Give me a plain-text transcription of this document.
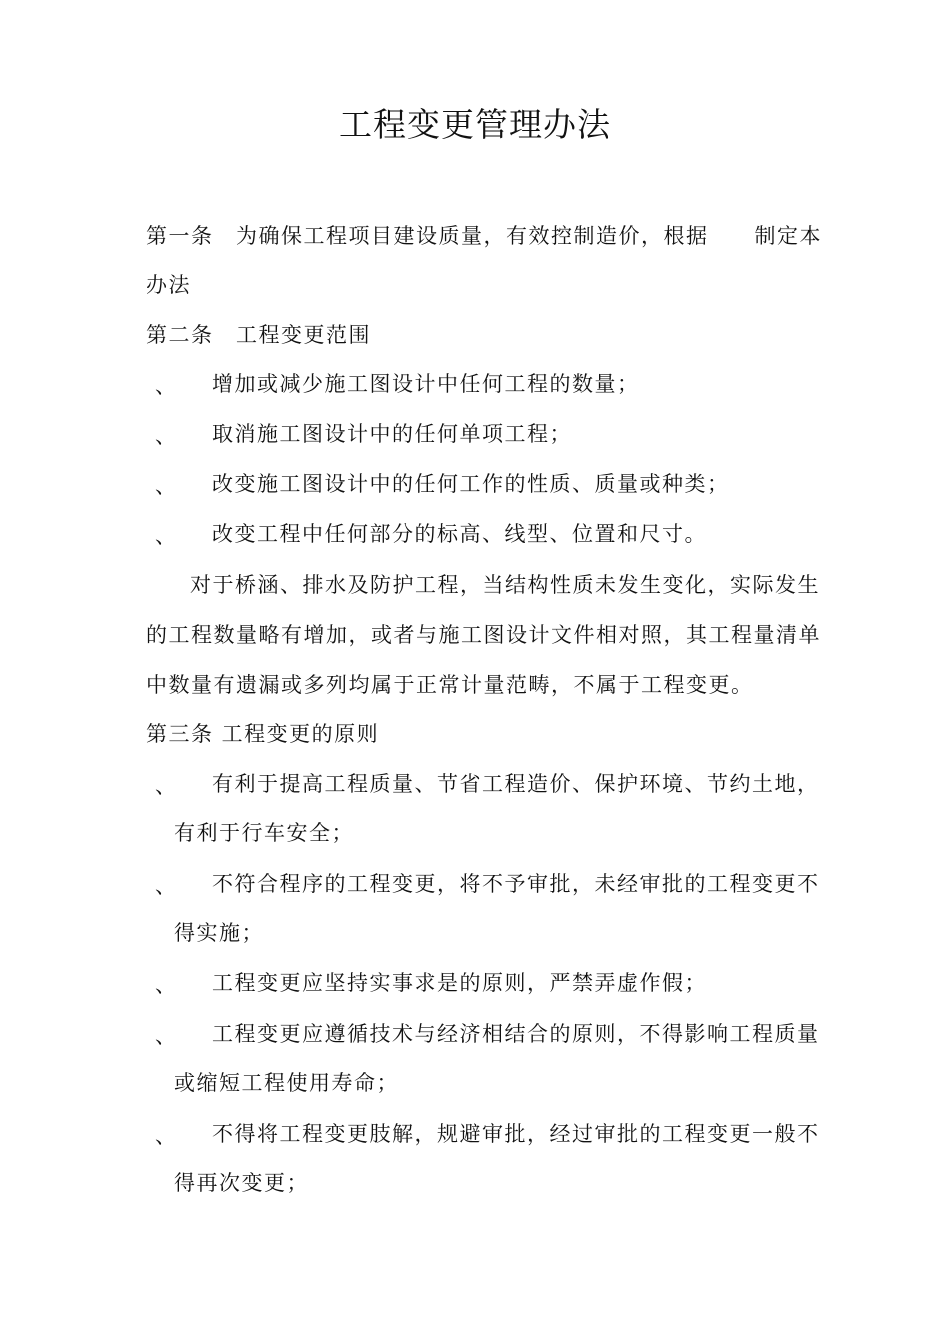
工程变更管理办法
第一条　为确保工程项目建设质量，有效控制造价，根据 制定本
办法
第二条　工程变更范围
、 增加或减少施工图设计中任何工程的数量；
、 取消施工图设计中的任何单项工程；
、 改变施工图设计中的任何工作的性质、质量或种类；
、 改变工程中任何部分的标高、线型、位置和尺寸。
对于桥涵、排水及防护工程，当结构性质未发生变化，实际发生
的工程数量略有增加，或者与施工图设计文件相对照，其工程量清单
中数量有遗漏或多列均属于正常计量范畴，不属于工程变更。
第三条 工程变更的原则
、 有利于提高工程质量、节省工程造价、保护环境、节约土地，
有利于行车安全；
、 不符合程序的工程变更，将不予审批，未经审批的工程变更不
得实施；
、 工程变更应坚持实事求是的原则，严禁弄虚作假；
、 工程变更应遵循技术与经济相结合的原则，不得影响工程质量
或缩短工程使用寿命；
、 不得将工程变更肢解，规避审批，经过审批的工程变更一般不
得再次变更；
